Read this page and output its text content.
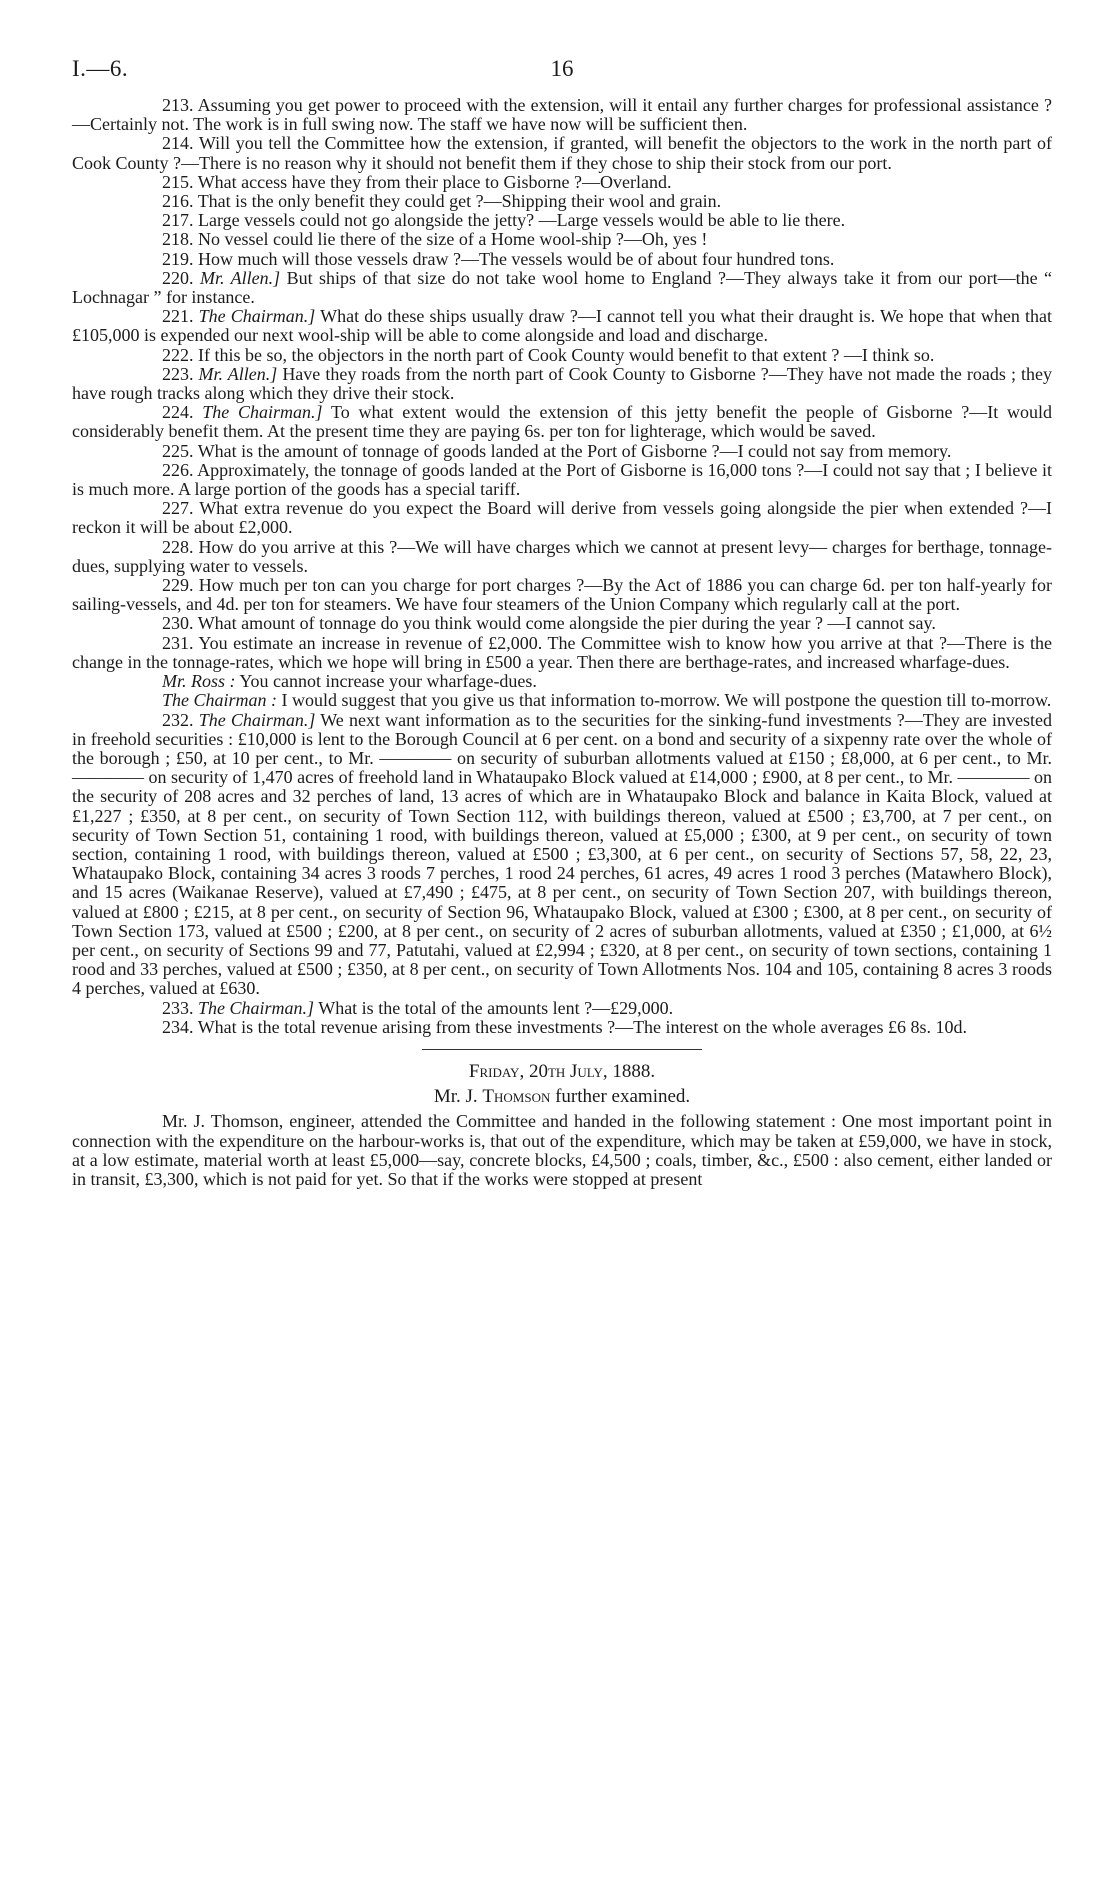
I.—6.	16

213. Assuming you get power to proceed with the extension, will it entail any further charges for professional assistance ?—Certainly not. The work is in full swing now. The staff we have now will be sufficient then.

214. Will you tell the Committee how the extension, if granted, will benefit the objectors to the work in the north part of Cook County ?—There is no reason why it should not benefit them if they chose to ship their stock from our port.

215. What access have they from their place to Gisborne ?—Overland.

216. That is the only benefit they could get ?—Shipping their wool and grain.

217. Large vessels could not go alongside the jetty? —Large vessels would be able to lie there.

218. No vessel could lie there of the size of a Home wool-ship ?—Oh, yes !

219. How much will those vessels draw ?—The vessels would be of about four hundred tons.

220. Mr. Allen.] But ships of that size do not take wool home to England ?—They always take it from our port—the “ Lochnagar ” for instance.

221. The Chairman.] What do these ships usually draw ?—I cannot tell you what their draught is. We hope that when that £105,000 is expended our next wool-ship will be able to come alongside and load and discharge.

222. If this be so, the objectors in the north part of Cook County would benefit to that extent ? —I think so.

223. Mr. Allen.] Have they roads from the north part of Cook County to Gisborne ?—They have not made the roads ; they have rough tracks along which they drive their stock.

224. The Chairman.] To what extent would the extension of this jetty benefit the people of Gisborne ?—It would considerably benefit them. At the present time they are paying 6s. per ton for lighterage, which would be saved.

225. What is the amount of tonnage of goods landed at the Port of Gisborne ?—I could not say from memory.

226. Approximately, the tonnage of goods landed at the Port of Gisborne is 16,000 tons ?—I could not say that ; I believe it is much more. A large portion of the goods has a special tariff.

227. What extra revenue do you expect the Board will derive from vessels going alongside the pier when extended ?—I reckon it will be about £2,000.

228. How do you arrive at this ?—We will have charges which we cannot at present levy— charges for berthage, tonnage-dues, supplying water to vessels.

229. How much per ton can you charge for port charges ?—By the Act of 1886 you can charge 6d. per ton half-yearly for sailing-vessels, and 4d. per ton for steamers. We have four steamers of the Union Company which regularly call at the port.

230. What amount of tonnage do you think would come alongside the pier during the year ? —I cannot say.

231. You estimate an increase in revenue of £2,000. The Committee wish to know how you arrive at that ?—There is the change in the tonnage-rates, which we hope will bring in £500 a year. Then there are berthage-rates, and increased wharfage-dues.

Mr. Ross : You cannot increase your wharfage-dues.

The Chairman : I would suggest that you give us that information to-morrow. We will postpone the question till to-morrow.

232. The Chairman.] We next want information as to the securities for the sinking-fund investments ?—They are invested in freehold securities : £10,000 is lent to the Borough Council at 6 per cent. on a bond and security of a sixpenny rate over the whole of the borough ; £50, at 10 per cent., to Mr. ———— on security of suburban allotments valued at £150 ; £8,000, at 6 per cent., to Mr. ———— on security of 1,470 acres of freehold land in Whataupako Block valued at £14,000 ; £900, at 8 per cent., to Mr. ———— on the security of 208 acres and 32 perches of land, 13 acres of which are in Whataupako Block and balance in Kaita Block, valued at £1,227 ; £350, at 8 per cent., on security of Town Section 112, with buildings thereon, valued at £500 ; £3,700, at 7 per cent., on security of Town Section 51, containing 1 rood, with buildings thereon, valued at £5,000 ; £300, at 9 per cent., on security of town section, containing 1 rood, with buildings thereon, valued at £500 ; £3,300, at 6 per cent., on security of Sections 57, 58, 22, 23, Whataupako Block, containing 34 acres 3 roods 7 perches, 1 rood 24 perches, 61 acres, 49 acres 1 rood 3 perches (Matawhero Block), and 15 acres (Waikanae Reserve), valued at £7,490 ; £475, at 8 per cent., on security of Town Section 207, with buildings thereon, valued at £800 ; £215, at 8 per cent., on security of Section 96, Whataupako Block, valued at £300 ; £300, at 8 per cent., on security of Town Section 173, valued at £500 ; £200, at 8 per cent., on security of 2 acres of suburban allotments, valued at £350 ; £1,000, at 6½ per cent., on security of Sections 99 and 77, Patutahi, valued at £2,994 ; £320, at 8 per cent., on security of town sections, containing 1 rood and 33 perches, valued at £500 ; £350, at 8 per cent., on security of Town Allotments Nos. 104 and 105, containing 8 acres 3 roods 4 perches, valued at £630.

233. The Chairman.] What is the total of the amounts lent ?—£29,000.

234. What is the total revenue arising from these investments ?—The interest on the whole averages £6 8s. 10d.

Friday, 20th July, 1888.

Mr. J. Thomson further examined.

Mr. J. Thomson, engineer, attended the Committee and handed in the following statement : One most important point in connection with the expenditure on the harbour-works is, that out of the expenditure, which may be taken at £59,000, we have in stock, at a low estimate, material worth at least £5,000—say, concrete blocks, £4,500 ; coals, timber, &c., £500 : also cement, either landed or in transit, £3,300, which is not paid for yet. So that if the works were stopped at present
